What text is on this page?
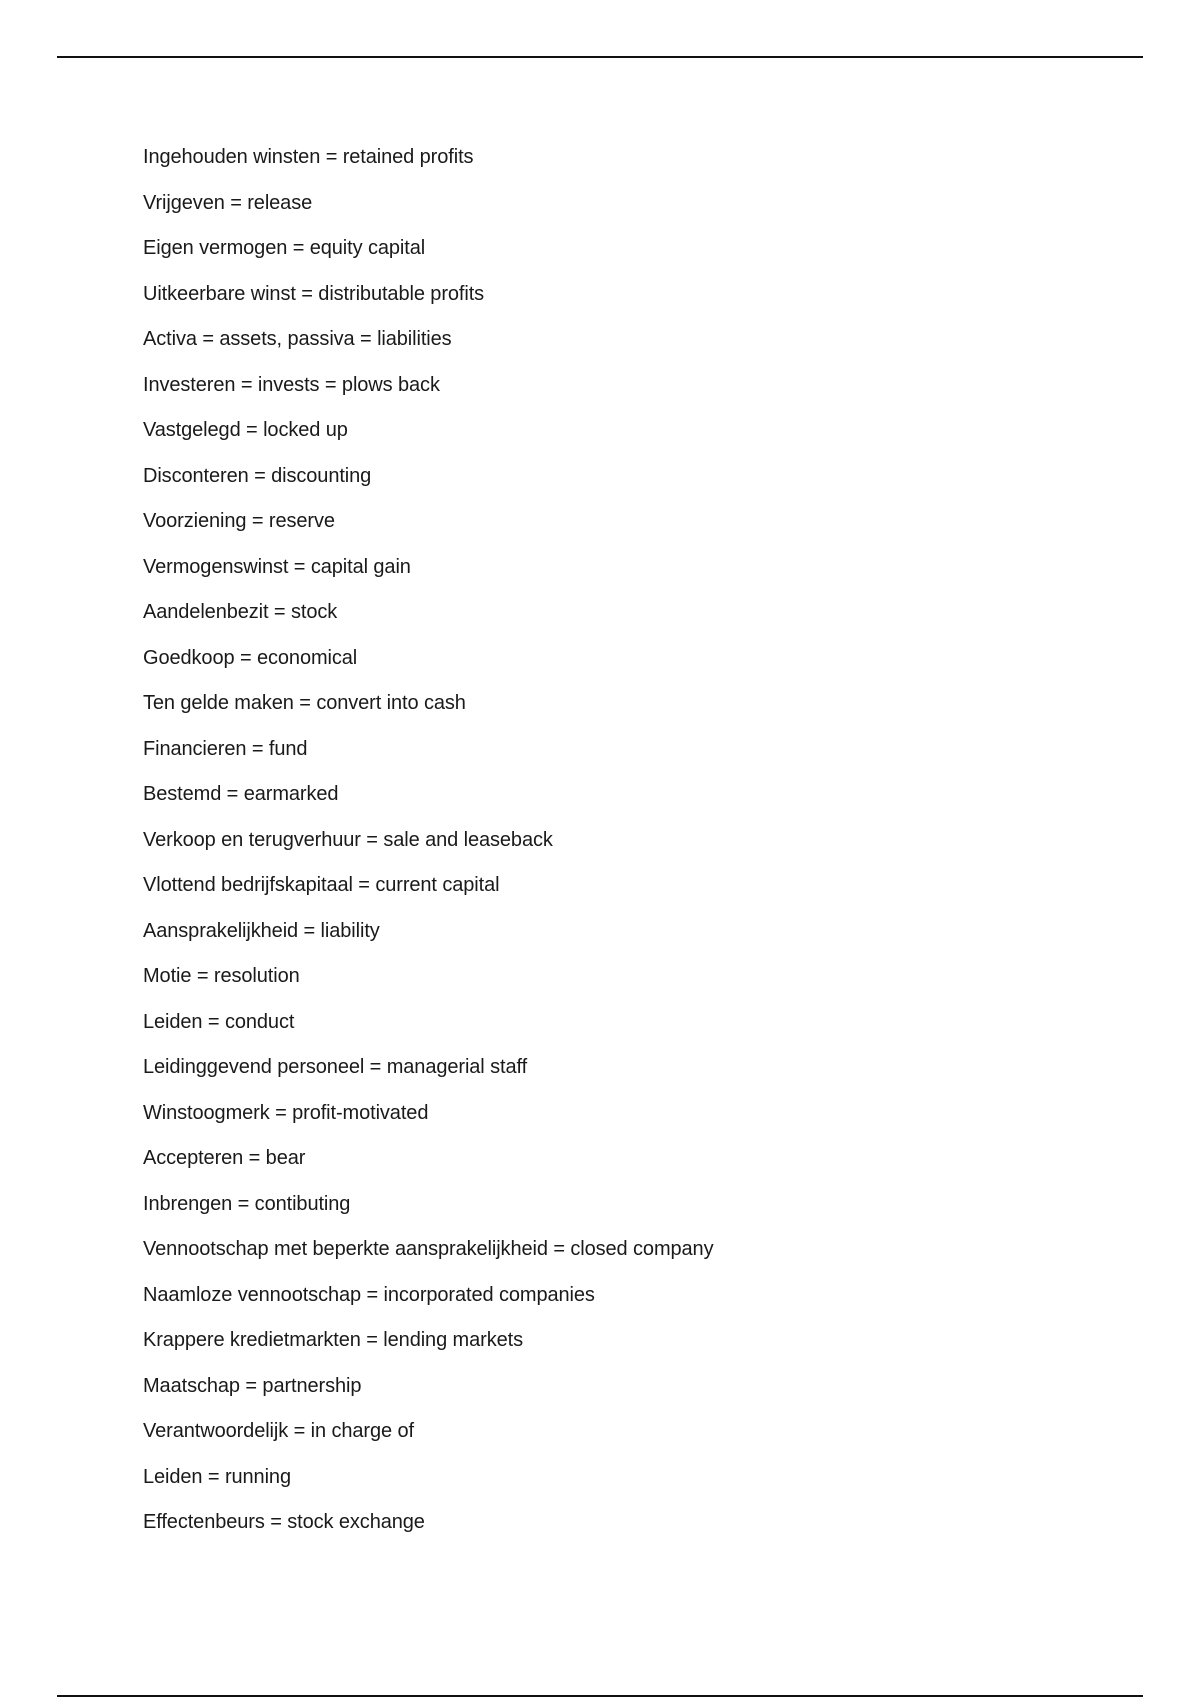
Ingehouden winsten = retained profits
Vrijgeven = release
Eigen vermogen = equity capital
Uitkeerbare winst = distributable profits
Activa = assets, passiva = liabilities
Investeren = invests = plows back
Vastgelegd = locked up
Disconteren = discounting
Voorziening = reserve
Vermogenswinst = capital gain
Aandelenbezit = stock
Goedkoop = economical
Ten gelde maken = convert into cash
Financieren = fund
Bestemd = earmarked
Verkoop en terugverhuur = sale and leaseback
Vlottend bedrijfskapitaal = current capital
Aansprakelijkheid = liability
Motie = resolution
Leiden = conduct
Leidinggevend personeel = managerial staff
Winstoogmerk = profit-motivated
Accepteren = bear
Inbrengen = contibuting
Vennootschap met beperkte aansprakelijkheid = closed company
Naamloze vennootschap = incorporated companies
Krappere kredietmarkten = lending markets
Maatschap = partnership
Verantwoordelijk = in charge of
Leiden = running
Effectenbeurs = stock exchange
